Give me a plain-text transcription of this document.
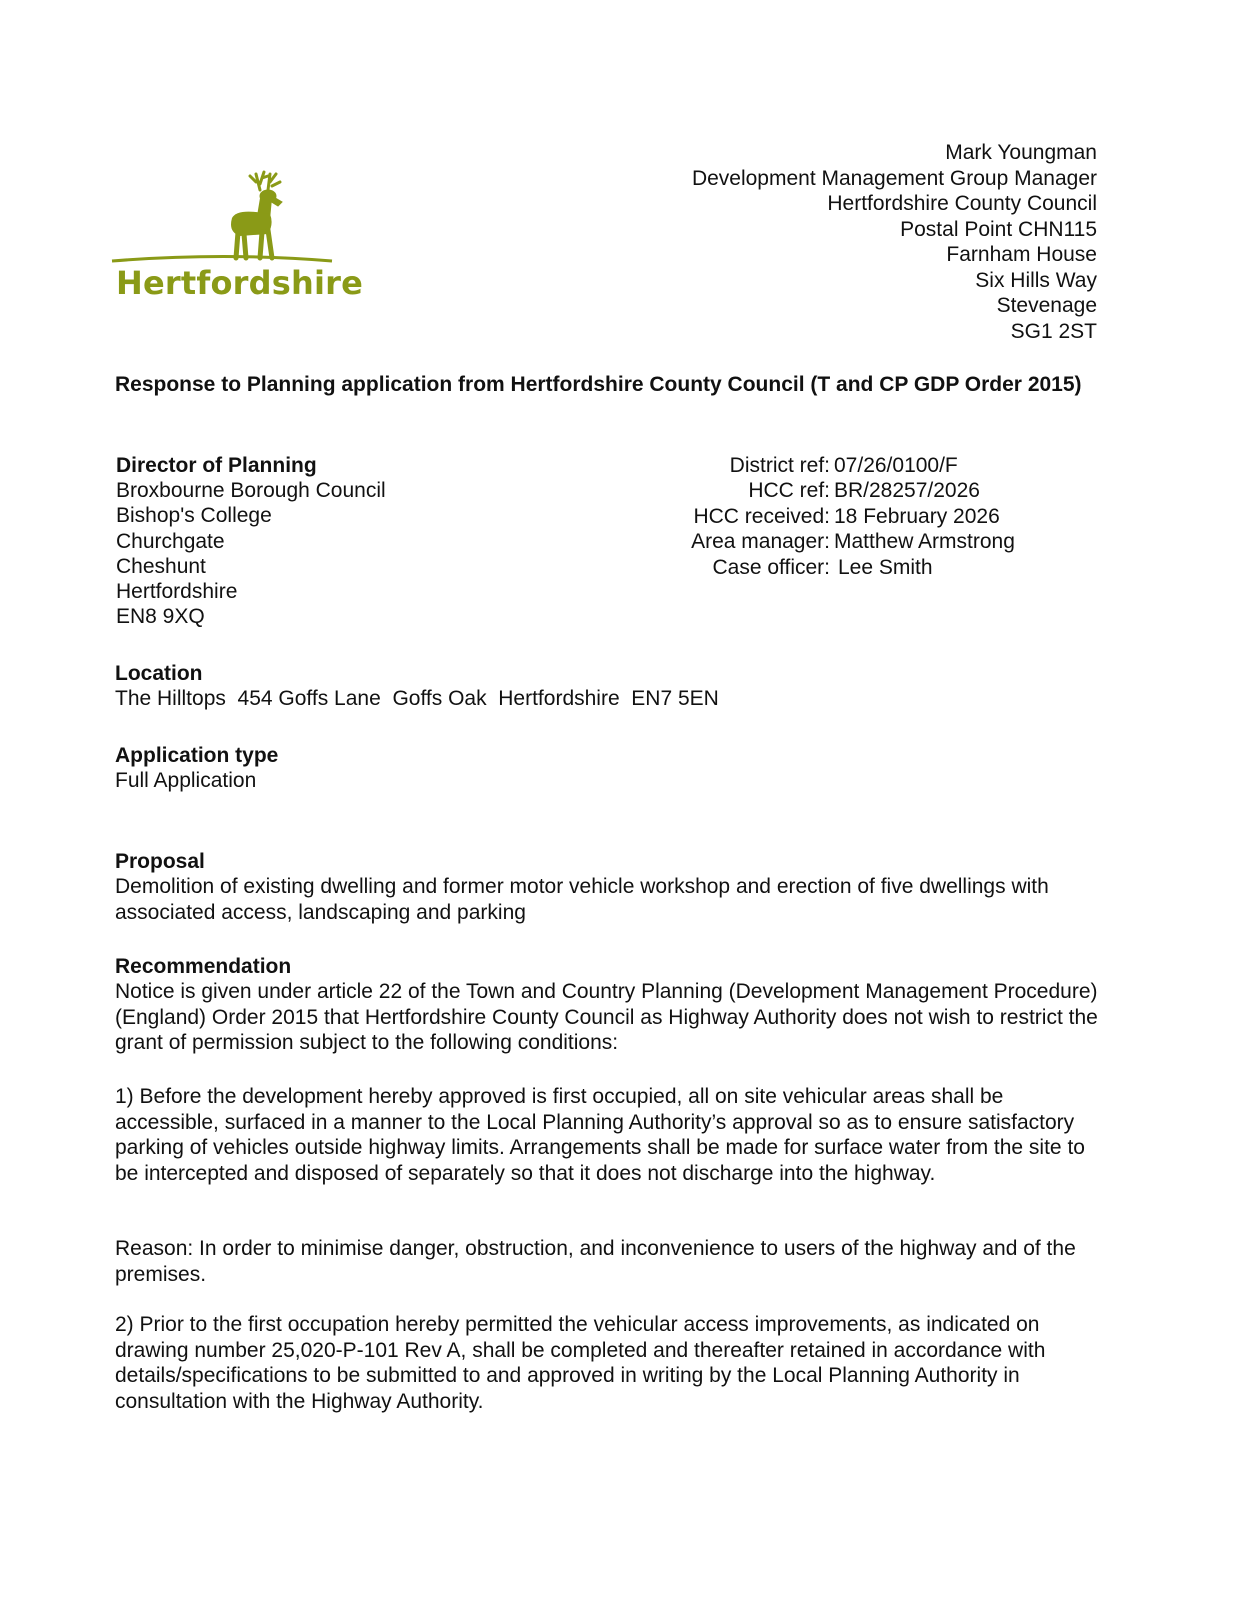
Hertfordshire
Mark Youngman
Development Management Group Manager
Hertfordshire County Council
Postal Point CHN115
Farnham House
Six Hills Way
Stevenage
SG1 2ST
Response to Planning application from Hertfordshire County Council (T and CP GDP Order 2015)
Director of Planning
Broxbourne Borough Council
Bishop's College
Churchgate
Cheshunt
Hertfordshire
EN8 9XQ
District ref: 07/26/0100/F
HCC ref: BR/28257/2026
HCC received: 18 February 2026
Area manager: Matthew Armstrong
Case officer: Lee Smith
Location
The Hilltops  454 Goffs Lane  Goffs Oak  Hertfordshire  EN7 5EN
Application type
Full Application
Proposal
Demolition of existing dwelling and former motor vehicle workshop and erection of five dwellings with associated access, landscaping and parking
Recommendation
Notice is given under article 22 of the Town and Country Planning (Development Management Procedure) (England) Order 2015 that Hertfordshire County Council as Highway Authority does not wish to restrict the grant of permission subject to the following conditions:
1) Before the development hereby approved is first occupied, all on site vehicular areas shall be accessible, surfaced in a manner to the Local Planning Authority’s approval so as to ensure satisfactory parking of vehicles outside highway limits. Arrangements shall be made for surface water from the site to be intercepted and disposed of separately so that it does not discharge into the highway.
Reason: In order to minimise danger, obstruction, and inconvenience to users of the highway and of the premises.
2) Prior to the first occupation hereby permitted the vehicular access improvements, as indicated on drawing number 25,020-P-101 Rev A, shall be completed and thereafter retained in accordance with details/specifications to be submitted to and approved in writing by the Local Planning Authority in consultation with the Highway Authority.
